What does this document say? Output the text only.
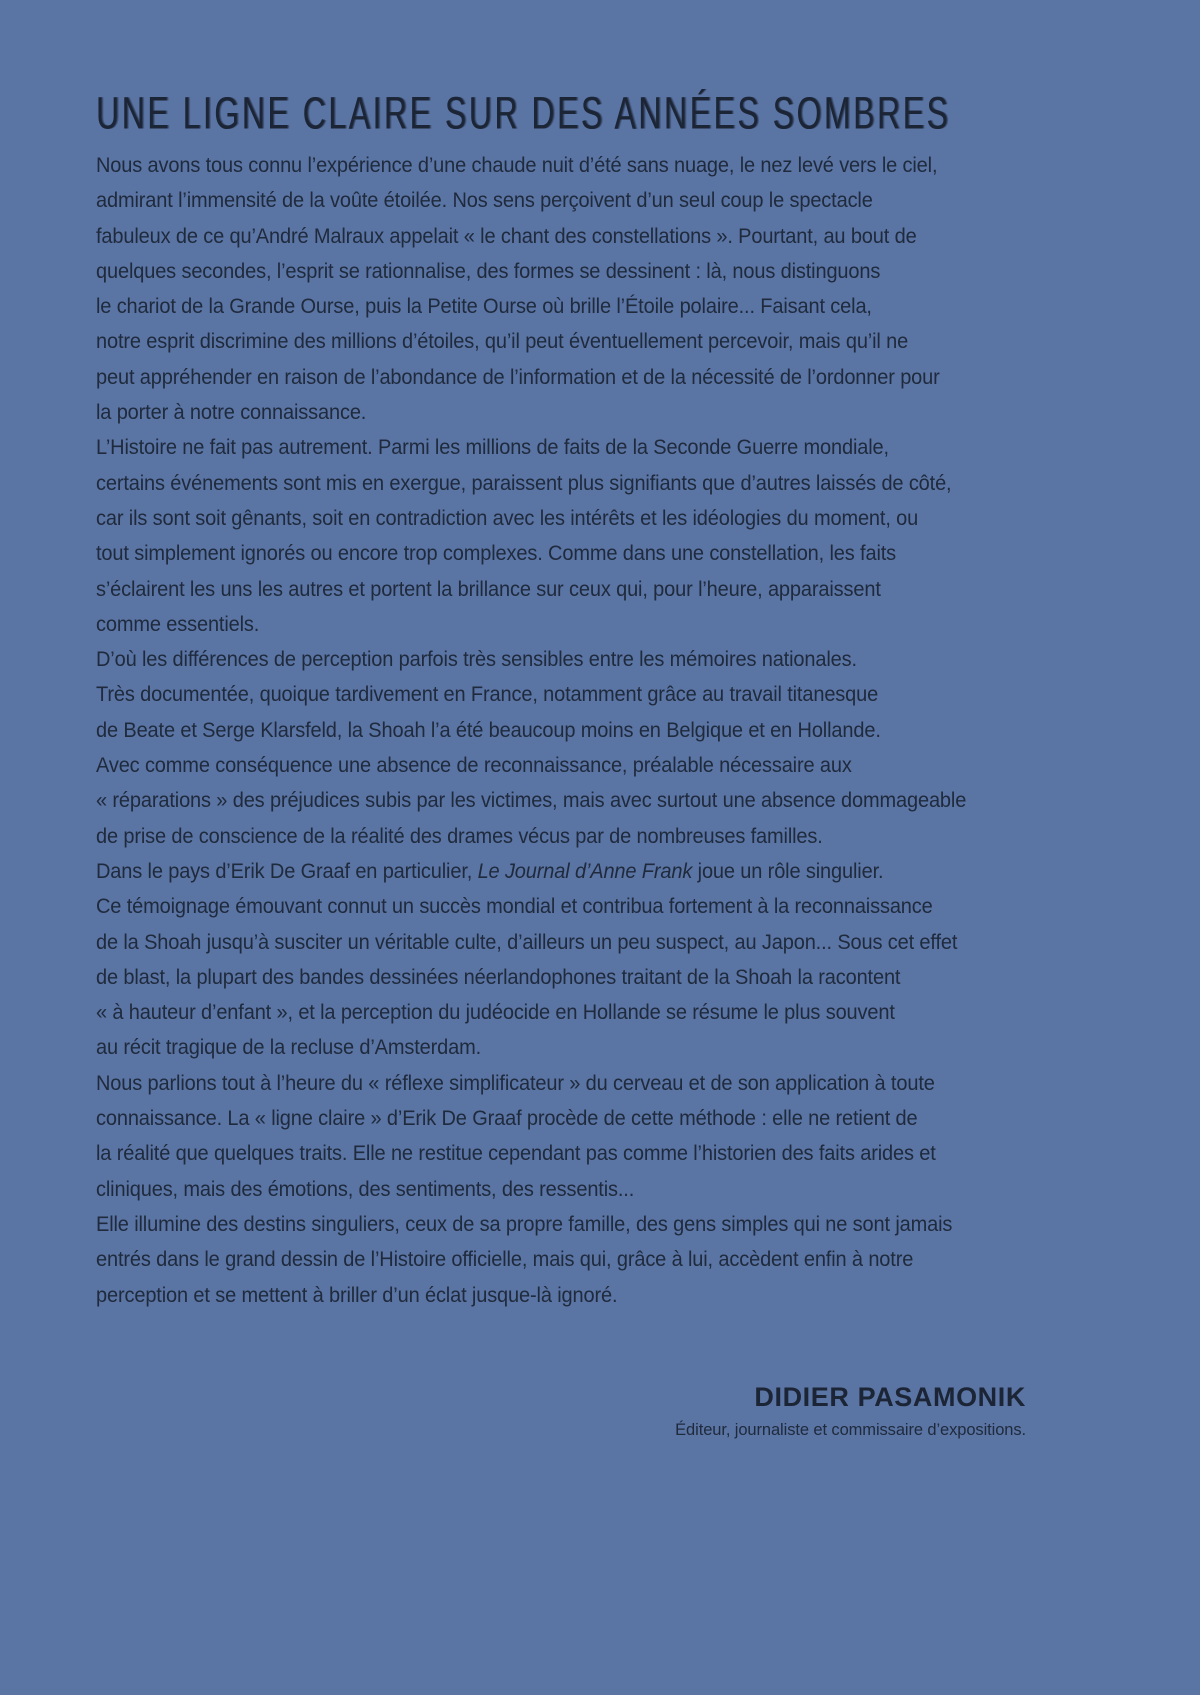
UNE LIGNE CLAIRE SUR DES ANNÉES SOMBRES

Nous avons tous connu l’expérience d’une chaude nuit d’été sans nuage, le nez levé vers le ciel,
admirant l’immensité de la voûte étoilée. Nos sens perçoivent d’un seul coup le spectacle
fabuleux de ce qu’André Malraux appelait « le chant des constellations ». Pourtant, au bout de
quelques secondes, l’esprit se rationnalise, des formes se dessinent : là, nous distinguons
le chariot de la Grande Ourse, puis la Petite Ourse où brille l’Étoile polaire... Faisant cela,
notre esprit discrimine des millions d’étoiles, qu’il peut éventuellement percevoir, mais qu’il ne
peut appréhender en raison de l’abondance de l’information et de la nécessité de l’ordonner pour
la porter à notre connaissance.

L’Histoire ne fait pas autrement. Parmi les millions de faits de la Seconde Guerre mondiale,
certains événements sont mis en exergue, paraissent plus signifiants que d’autres laissés de côté,
car ils sont soit gênants, soit en contradiction avec les intérêts et les idéologies du moment, ou
tout simplement ignorés ou encore trop complexes. Comme dans une constellation, les faits
s’éclairent les uns les autres et portent la brillance sur ceux qui, pour l’heure, apparaissent
comme essentiels.

D’où les différences de perception parfois très sensibles entre les mémoires nationales.
Très documentée, quoique tardivement en France, notamment grâce au travail titanesque
de Beate et Serge Klarsfeld, la Shoah l’a été beaucoup moins en Belgique et en Hollande.
Avec comme conséquence une absence de reconnaissance, préalable nécessaire aux
« réparations » des préjudices subis par les victimes, mais avec surtout une absence dommageable
de prise de conscience de la réalité des drames vécus par de nombreuses familles.

Dans le pays d’Erik De Graaf en particulier, Le Journal d’Anne Frank joue un rôle singulier.
Ce témoignage émouvant connut un succès mondial et contribua fortement à la reconnaissance
de la Shoah jusqu’à susciter un véritable culte, d’ailleurs un peu suspect, au Japon... Sous cet effet
de blast, la plupart des bandes dessinées néerlandophones traitant de la Shoah la racontent
« à hauteur d’enfant », et la perception du judéocide en Hollande se résume le plus souvent
au récit tragique de la recluse d’Amsterdam.

Nous parlions tout à l’heure du « réflexe simplificateur » du cerveau et de son application à toute
connaissance. La « ligne claire » d’Erik De Graaf procède de cette méthode : elle ne retient de
la réalité que quelques traits. Elle ne restitue cependant pas comme l’historien des faits arides et
cliniques, mais des émotions, des sentiments, des ressentis...

Elle illumine des destins singuliers, ceux de sa propre famille, des gens simples qui ne sont jamais
entrés dans le grand dessin de l’Histoire officielle, mais qui, grâce à lui, accèdent enfin à notre
perception et se mettent à briller d’un éclat jusque-là ignoré.

DIDIER PASAMONIK
Éditeur, journaliste et commissaire d’expositions.
